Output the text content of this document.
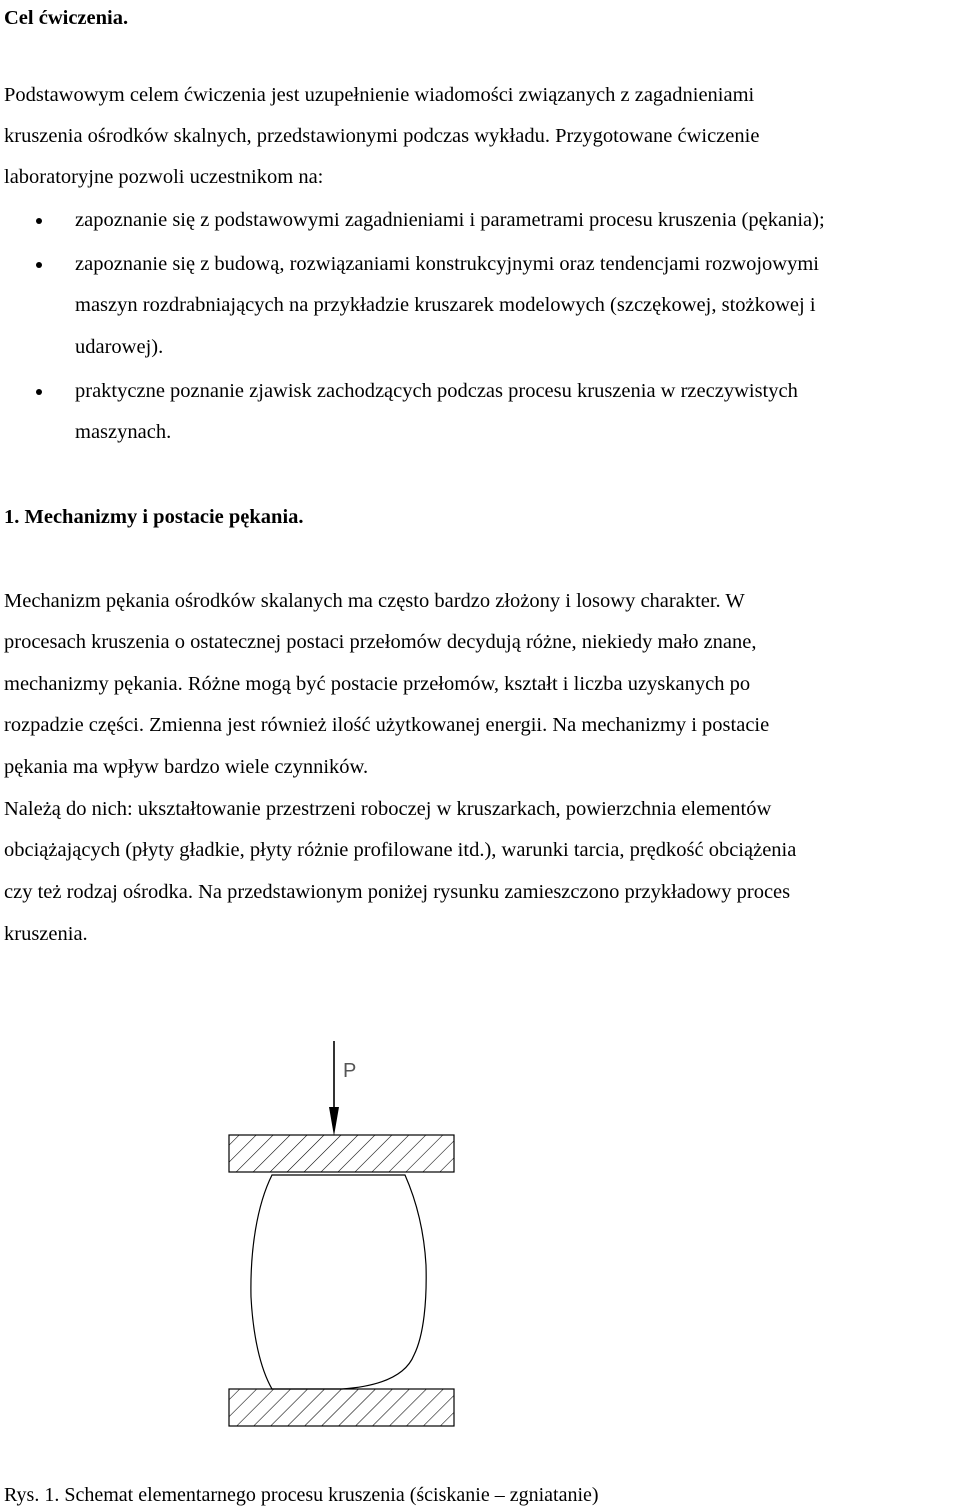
Cel ćwiczenia.

Podstawowym celem ćwiczenia jest uzupełnienie wiadomości związanych z zagadnieniami

kruszenia ośrodków skalnych, przedstawionymi podczas wykładu. Przygotowane ćwiczenie

laboratoryjne pozwoli uczestnikom na:

zapoznanie się z podstawowymi zagadnieniami i parametrami procesu kruszenia (pękania);

zapoznanie się z budową, rozwiązaniami konstrukcyjnymi oraz tendencjami rozwojowymi

maszyn rozdrabniających na przykładzie kruszarek modelowych (szczękowej, stożkowej i

udarowej).

praktyczne poznanie zjawisk zachodzących podczas procesu kruszenia w rzeczywistych

maszynach.

1. Mechanizmy i postacie pękania.

Mechanizm pękania ośrodków skalanych ma często bardzo złożony i losowy charakter. W

procesach kruszenia o ostatecznej postaci przełomów decydują różne, niekiedy mało znane,

mechanizmy pękania. Różne mogą być postacie przełomów, kształt i liczba uzyskanych po

rozpadzie części. Zmienna jest również ilość użytkowanej energii. Na mechanizmy i postacie

pękania ma wpływ bardzo wiele czynników.

Należą do nich: ukształtowanie przestrzeni roboczej w kruszarkach, powierzchnia elementów

obciążających (płyty gładkie, płyty różnie profilowane itd.), warunki tarcia, prędkość obciążenia

czy też rodzaj ośrodka. Na przedstawionym poniżej rysunku zamieszczono przykładowy proces

kruszenia.

P

Rys. 1. Schemat elementarnego procesu kruszenia (ściskanie – zgniatanie)
